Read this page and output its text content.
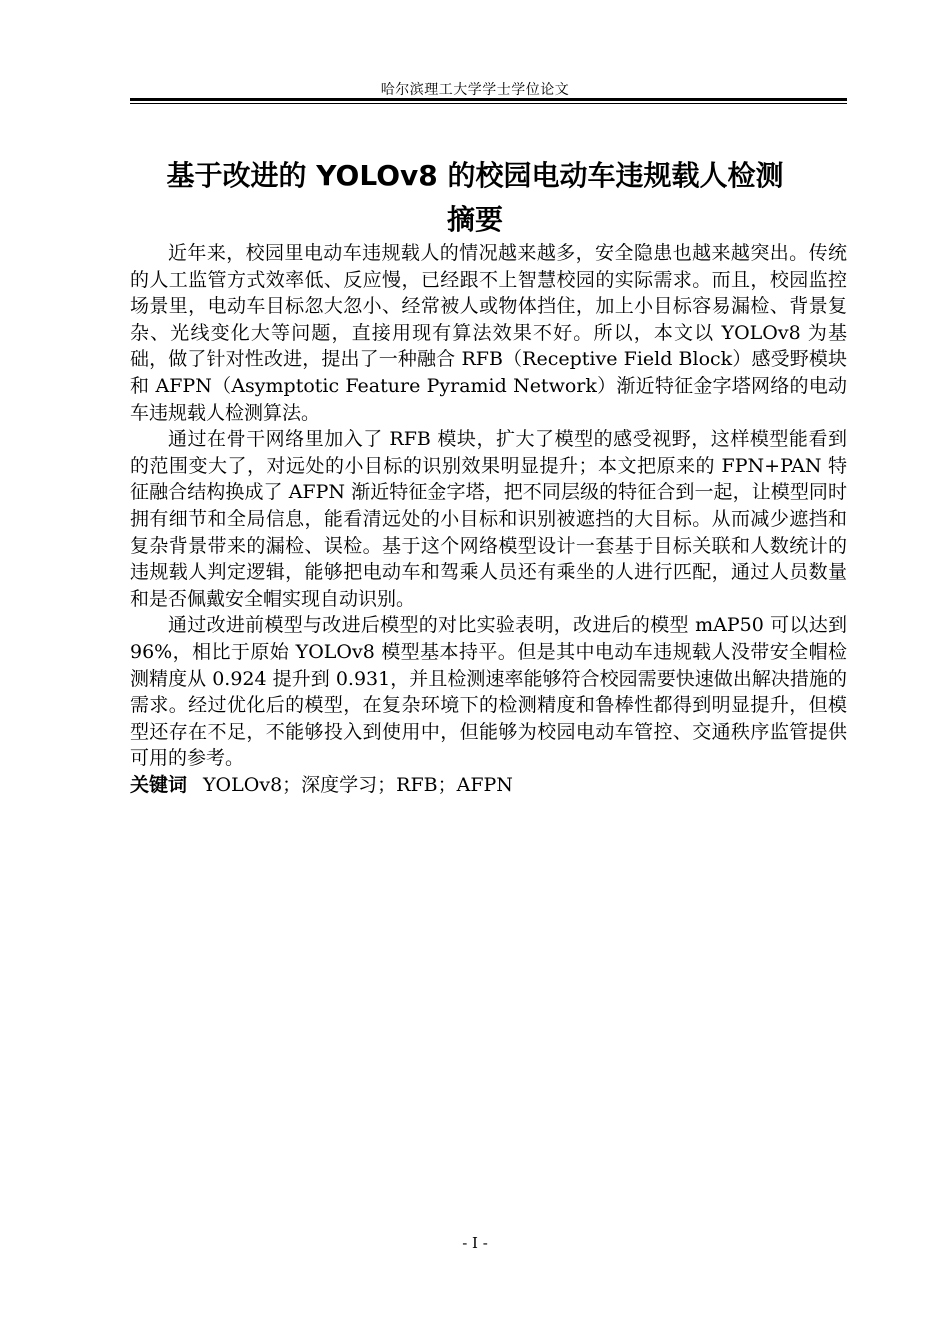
哈尔滨理工大学学士学位论文
基于改进的 YOLOv8 的校园电动车违规载人检测
摘要

近年来，校园里电动车违规载人的情况越来越多，安全隐患也越来越突出。传统的人工监管方式效率低、反应慢，已经跟不上智慧校园的实际需求。而且，校园监控场景里，电动车目标忽大忽小、经常被人或物体挡住，加上小目标容易漏检、背景复杂、光线变化大等问题，直接用现有算法效果不好。所以，本文以 YOLOv8 为基础，做了针对性改进，提出了一种融合 RFB（Receptive Field Block）感受野模块和 AFPN（Asymptotic Feature Pyramid Network）渐近特征金字塔网络的电动车违规载人检测算法。

通过在骨干网络里加入了 RFB 模块，扩大了模型的感受视野，这样模型能看到的范围变大了，对远处的小目标的识别效果明显提升；本文把原来的 FPN+PAN 特征融合结构换成了 AFPN 渐近特征金字塔，把不同层级的特征合到一起，让模型同时拥有细节和全局信息，能看清远处的小目标和识别被遮挡的大目标。从而减少遮挡和复杂背景带来的漏检、误检。基于这个网络模型设计一套基于目标关联和人数统计的违规载人判定逻辑，能够把电动车和驾乘人员还有乘坐的人进行匹配，通过人员数量和是否佩戴安全帽实现自动识别。

通过改进前模型与改进后模型的对比实验表明，改进后的模型 mAP50 可以达到 96%，相比于原始 YOLOv8 模型基本持平。但是其中电动车违规载人没带安全帽检测精度从 0.924 提升到 0.931，并且检测速率能够符合校园需要快速做出解决措施的需求。经过优化后的模型，在复杂环境下的检测精度和鲁棒性都得到明显提升，但模型还存在不足，不能够投入到使用中，但能够为校园电动车管控、交通秩序监管提供可用的参考。

关键词 YOLOv8；深度学习；RFB；AFPN
- I -
